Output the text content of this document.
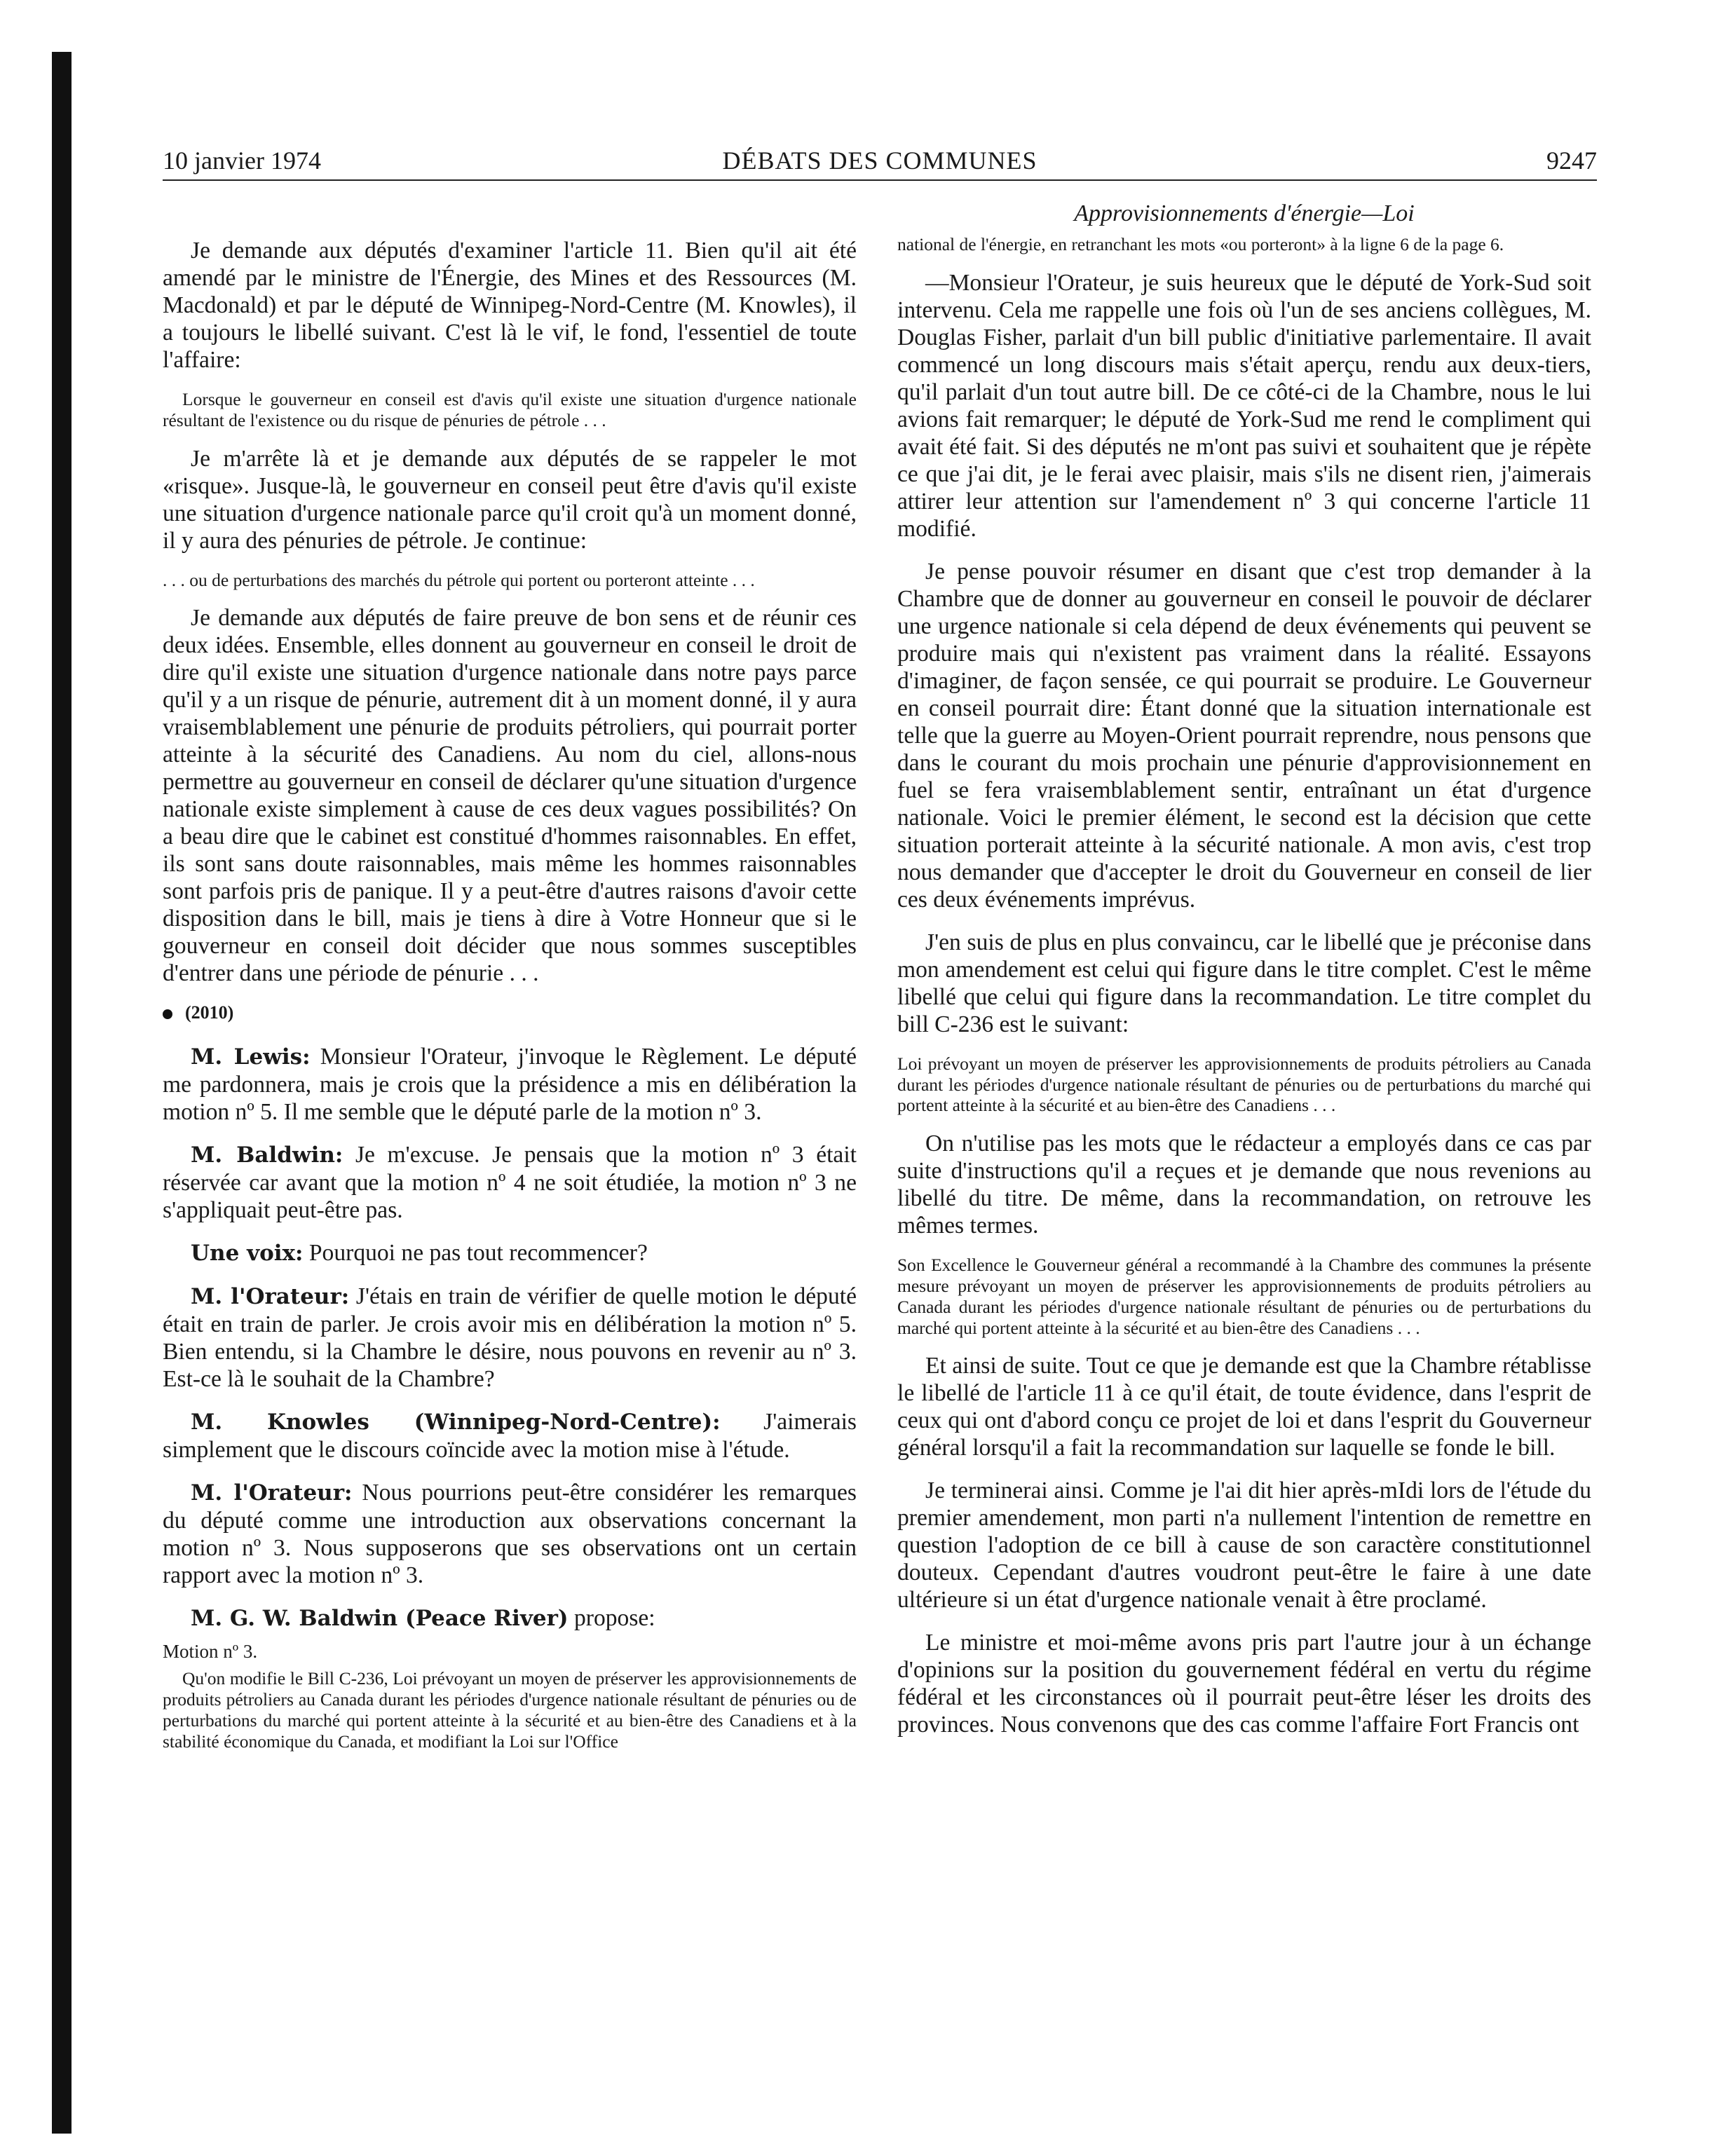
10 janvier 1974	DÉBATS DES COMMUNES	9247

Je demande aux députés d'examiner l'article 11. Bien qu'il ait été amendé par le ministre de l'Énergie, des Mines et des Ressources (M. Macdonald) et par le député de Winnipeg-Nord-Centre (M. Knowles), il a toujours le libellé suivant. C'est là le vif, le fond, l'essentiel de toute l'affaire:

Lorsque le gouverneur en conseil est d'avis qu'il existe une situation d'urgence nationale résultant de l'existence ou du risque de pénuries de pétrole . . .

Je m'arrête là et je demande aux députés de se rappeler le mot «risque». Jusque-là, le gouverneur en conseil peut être d'avis qu'il existe une situation d'urgence nationale parce qu'il croit qu'à un moment donné, il y aura des pénuries de pétrole. Je continue:

. . . ou de perturbations des marchés du pétrole qui portent ou porteront atteinte . . .

Je demande aux députés de faire preuve de bon sens et de réunir ces deux idées. Ensemble, elles donnent au gouverneur en conseil le droit de dire qu'il existe une situation d'urgence nationale dans notre pays parce qu'il y a un risque de pénurie, autrement dit à un moment donné, il y aura vraisemblablement une pénurie de produits pétroliers, qui pourrait porter atteinte à la sécurité des Canadiens. Au nom du ciel, allons-nous permettre au gouverneur en conseil de déclarer qu'une situation d'urgence nationale existe simplement à cause de ces deux vagues possibilités? On a beau dire que le cabinet est constitué d'hommes raisonnables. En effet, ils sont sans doute raisonnables, mais même les hommes raisonnables sont parfois pris de panique. Il y a peut-être d'autres raisons d'avoir cette disposition dans le bill, mais je tiens à dire à Votre Honneur que si le gouverneur en conseil doit décider que nous sommes susceptibles d'entrer dans une période de pénurie . . .

(2010)

M. Lewis: Monsieur l'Orateur, j'invoque le Règlement. Le député me pardonnera, mais je crois que la présidence a mis en délibération la motion nº 5. Il me semble que le député parle de la motion nº 3.

M. Baldwin: Je m'excuse. Je pensais que la motion nº 3 était réservée car avant que la motion nº 4 ne soit étudiée, la motion nº 3 ne s'appliquait peut-être pas.

Une voix: Pourquoi ne pas tout recommencer?

M. l'Orateur: J'étais en train de vérifier de quelle motion le député était en train de parler. Je crois avoir mis en délibération la motion nº 5. Bien entendu, si la Chambre le désire, nous pouvons en revenir au nº 3. Est-ce là le souhait de la Chambre?

M. Knowles (Winnipeg-Nord-Centre): J'aimerais simplement que le discours coïncide avec la motion mise à l'étude.

M. l'Orateur: Nous pourrions peut-être considérer les remarques du député comme une introduction aux observations concernant la motion nº 3. Nous supposerons que ses observations ont un certain rapport avec la motion nº 3.

M. G. W. Baldwin (Peace River) propose:

Motion nº 3.
Qu'on modifie le Bill C-236, Loi prévoyant un moyen de préserver les approvisionnements de produits pétroliers au Canada durant les périodes d'urgence nationale résultant de pénuries ou de perturbations du marché qui portent atteinte à la sécurité et au bien-être des Canadiens et à la stabilité économique du Canada, et modifiant la Loi sur l'Office
Approvisionnements d'énergie—Loi
national de l'énergie, en retranchant les mots «ou porteront» à la ligne 6 de la page 6.

—Monsieur l'Orateur, je suis heureux que le député de York-Sud soit intervenu. Cela me rappelle une fois où l'un de ses anciens collègues, M. Douglas Fisher, parlait d'un bill public d'initiative parlementaire. Il avait commencé un long discours mais s'était aperçu, rendu aux deux-tiers, qu'il parlait d'un tout autre bill. De ce côté-ci de la Chambre, nous le lui avions fait remarquer; le député de York-Sud me rend le compliment qui avait été fait. Si des députés ne m'ont pas suivi et souhaitent que je répète ce que j'ai dit, je le ferai avec plaisir, mais s'ils ne disent rien, j'aimerais attirer leur attention sur l'amendement nº 3 qui concerne l'article 11 modifié.

Je pense pouvoir résumer en disant que c'est trop demander à la Chambre que de donner au gouverneur en conseil le pouvoir de déclarer une urgence nationale si cela dépend de deux événements qui peuvent se produire mais qui n'existent pas vraiment dans la réalité. Essayons d'imaginer, de façon sensée, ce qui pourrait se produire. Le Gouverneur en conseil pourrait dire: Étant donné que la situation internationale est telle que la guerre au Moyen-Orient pourrait reprendre, nous pensons que dans le courant du mois prochain une pénurie d'approvisionnement en fuel se fera vraisemblablement sentir, entraînant un état d'urgence nationale. Voici le premier élément, le second est la décision que cette situation porterait atteinte à la sécurité nationale. A mon avis, c'est trop nous demander que d'accepter le droit du Gouverneur en conseil de lier ces deux événements imprévus.

J'en suis de plus en plus convaincu, car le libellé que je préconise dans mon amendement est celui qui figure dans le titre complet. C'est le même libellé que celui qui figure dans la recommandation. Le titre complet du bill C-236 est le suivant:

Loi prévoyant un moyen de préserver les approvisionnements de produits pétroliers au Canada durant les périodes d'urgence nationale résultant de pénuries ou de perturbations du marché qui portent atteinte à la sécurité et au bien-être des Canadiens . . .

On n'utilise pas les mots que le rédacteur a employés dans ce cas par suite d'instructions qu'il a reçues et je demande que nous revenions au libellé du titre. De même, dans la recommandation, on retrouve les mêmes termes.

Son Excellence le Gouverneur général a recommandé à la Chambre des communes la présente mesure prévoyant un moyen de préserver les approvisionnements de produits pétroliers au Canada durant les périodes d'urgence nationale résultant de pénuries ou de perturbations du marché qui portent atteinte à la sécurité et au bien-être des Canadiens . . .

Et ainsi de suite. Tout ce que je demande est que la Chambre rétablisse le libellé de l'article 11 à ce qu'il était, de toute évidence, dans l'esprit de ceux qui ont d'abord conçu ce projet de loi et dans l'esprit du Gouverneur général lorsqu'il a fait la recommandation sur laquelle se fonde le bill.

Je terminerai ainsi. Comme je l'ai dit hier après-mIdi lors de l'étude du premier amendement, mon parti n'a nullement l'intention de remettre en question l'adoption de ce bill à cause de son caractère constitutionnel douteux. Cependant d'autres voudront peut-être le faire à une date ultérieure si un état d'urgence nationale venait à être proclamé.

Le ministre et moi-même avons pris part l'autre jour à un échange d'opinions sur la position du gouvernement fédéral en vertu du régime fédéral et les circonstances où il pourrait peut-être léser les droits des provinces. Nous convenons que des cas comme l'affaire Fort Francis ont
